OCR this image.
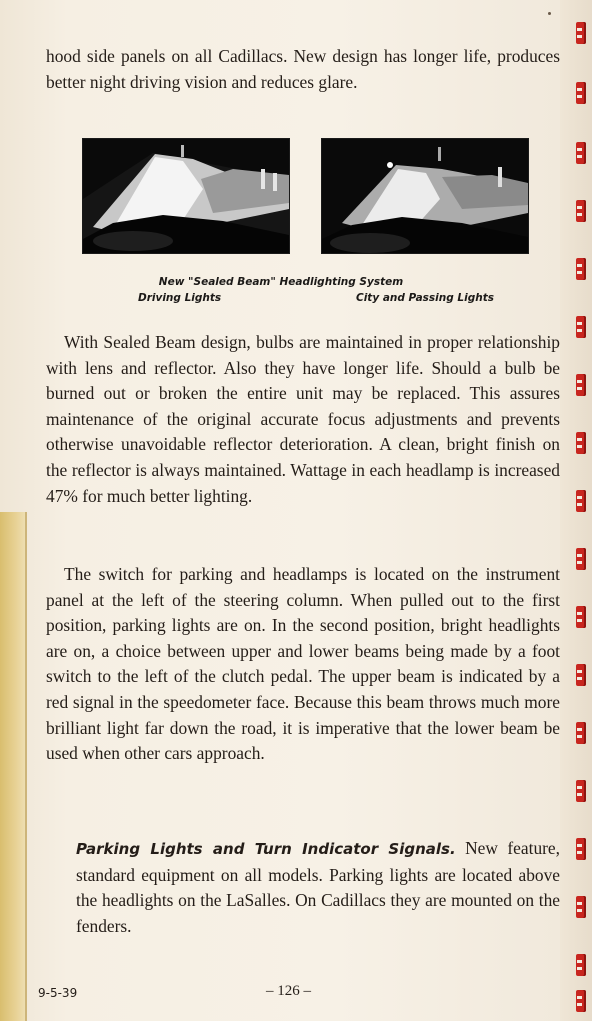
hood side panels on all Cadillacs. New design has longer life, produces better night driving vision and reduces glare.

New "Sealed Beam" Headlighting System
Driving Lights	City and Passing Lights

With Sealed Beam design, bulbs are maintained in proper relationship with lens and reflector. Also they have longer life. Should a bulb be burned out or broken the entire unit may be replaced. This assures maintenance of the original accurate focus adjustments and prevents otherwise unavoidable reflector deterioration. A clean, bright finish on the reflector is always maintained. Wattage in each headlamp is increased 47% for much better lighting.

The switch for parking and headlamps is located on the instrument panel at the left of the steering column. When pulled out to the first position, parking lights are on. In the second position, bright headlights are on, a choice between upper and lower beams being made by a foot switch to the left of the clutch pedal. The upper beam is indicated by a red signal in the speedometer face. Because this beam throws much more brilliant light far down the road, it is imperative that the lower beam be used when other cars approach.

Parking Lights and Turn Indicator Signals. New feature, standard equipment on all models. Parking lights are located above the headlights on the LaSalles. On Cadillacs they are mounted on the fenders.

9-5-39	– 126 –
